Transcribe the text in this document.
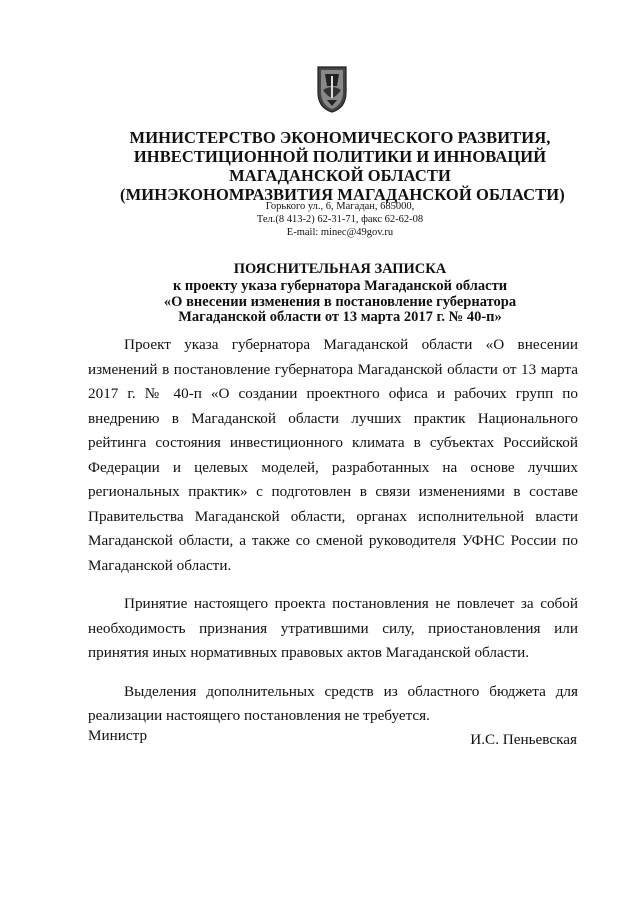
МИНИСТЕРСТВО ЭКОНОМИЧЕСКОГО РАЗВИТИЯ,
ИНВЕСТИЦИОННОЙ ПОЛИТИКИ И ИННОВАЦИЙ
МАГАДАНСКОЙ ОБЛАСТИ
(МИНЭКОНОМРАЗВИТИЯ МАГАДАНСКОЙ ОБЛАСТИ)
Горького ул., 6, Магадан, 685000,
Тел.(8 413-2) 62-31-71, факс 62-62-08
E-mail: minec@49gov.ru
ПОЯСНИТЕЛЬНАЯ ЗАПИСКА
к проекту указа губернатора Магаданской области
«О внесении изменения в постановление губернатора
Магаданской области от 13 марта 2017 г. № 40-п»

Проект указа губернатора Магаданской области «О внесении изменений в постановление губернатора Магаданской области от 13 марта 2017 г. № 40-п «О создании проектного офиса и рабочих групп по внедрению в Магаданской области лучших практик Национального рейтинга состояния инвестиционного климата в субъектах Российской Федерации и целевых моделей, разработанных на основе лучших региональных практик» с подготовлен в связи изменениями в составе Правительства Магаданской области, органах исполнительной власти Магаданской области, а также со сменой руководителя УФНС России по Магаданской области.

Принятие настоящего проекта постановления не повлечет за собой необходимость признания утратившими силу, приостановления или принятия иных нормативных правовых актов Магаданской области.

Выделения дополнительных средств из областного бюджета для реализации настоящего постановления не требуется.

Министр	И.С. Пеньевская
